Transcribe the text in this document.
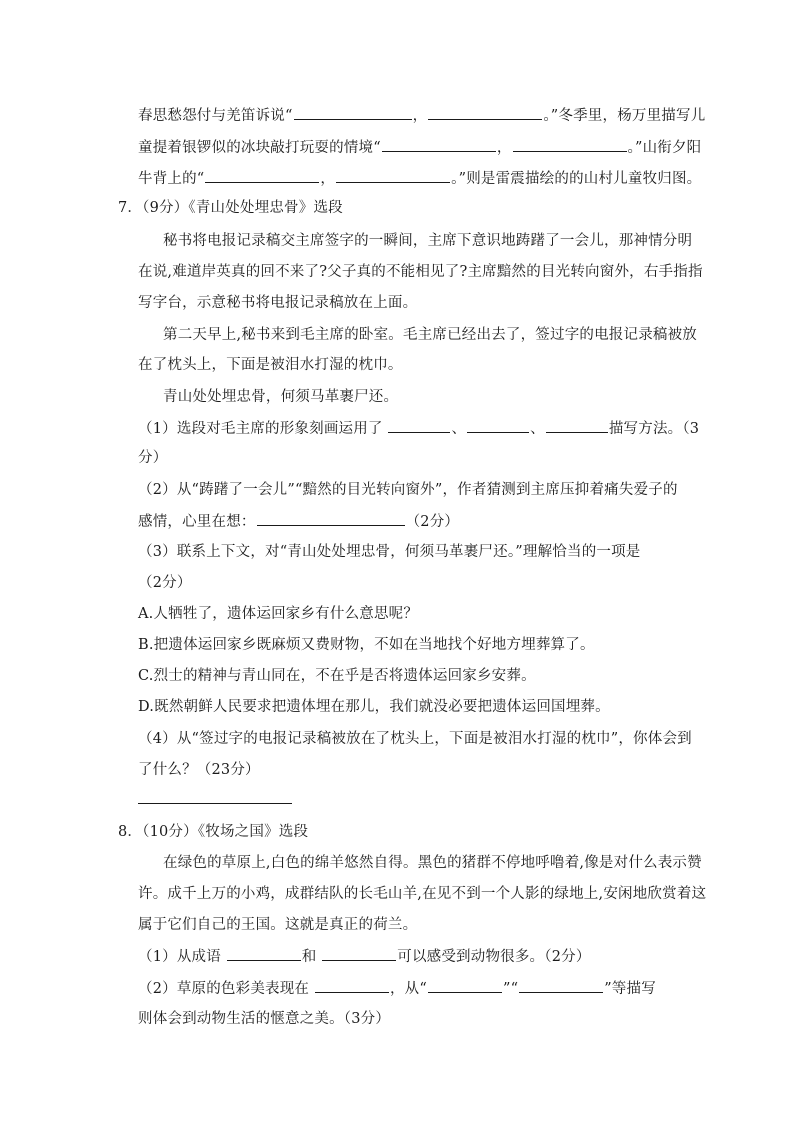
春思愁怨付与羌笛诉说“	，	。”冬季里，杨万里描写儿
童提着银锣似的冰块敲打玩耍的情境“	，	。”山衔夕阳
牛背上的“	，	。”则是雷震描绘的的山村儿童牧归图。
7．（9分）《青山处处埋忠骨》选段
秘书将电报记录稿交主席签字的一瞬间，主席下意识地踌躇了一会儿，那神情分明
在说,难道岸英真的回不来了?父子真的不能相见了?主席黯然的目光转向窗外，右手指指
写字台，示意秘书将电报记录稿放在上面。
第二天早上,秘书来到毛主席的卧室。毛主席已经出去了，签过字的电报记录稿被放
在了枕头上，下面是被泪水打湿的枕巾。
青山处处埋忠骨，何须马革裹尸还。
（1）选段对毛主席的形象刻画运用了	、	、	描写方法。（3
分）
（2）从“踌躇了一会儿”“黯然的目光转向窗外”，作者猜测到主席压抑着痛失爱子的
感情，心里在想：	（2分）
（3）联系上下文，对“青山处处埋忠骨，何须马革裹尸还。”理解恰当的一项是
（2分）
A.人牺牲了，遗体运回家乡有什么意思呢？
B.把遗体运回家乡既麻烦又费财物，不如在当地找个好地方埋葬算了。
C.烈士的精神与青山同在，不在乎是否将遗体运回家乡安葬。
D.既然朝鲜人民要求把遗体埋在那儿，我们就没必要把遗体运回国埋葬。
（4）从“签过字的电报记录稿被放在了枕头上，下面是被泪水打湿的枕巾”，你体会到
了什么？（23分）
8．（10分）《牧场之国》选段
在绿色的草原上,白色的绵羊悠然自得。黑色的猪群不停地呼噜着,像是对什么表示赞
许。成千上万的小鸡，成群结队的长毛山羊,在见不到一个人影的绿地上,安闲地欣赏着这
属于它们自己的王国。这就是真正的荷兰。
（1）从成语	和	可以感受到动物很多。（2分）
（2）草原的色彩美表现在	，从“	”“	”等描写
则体会到动物生活的惬意之美。（3分）
